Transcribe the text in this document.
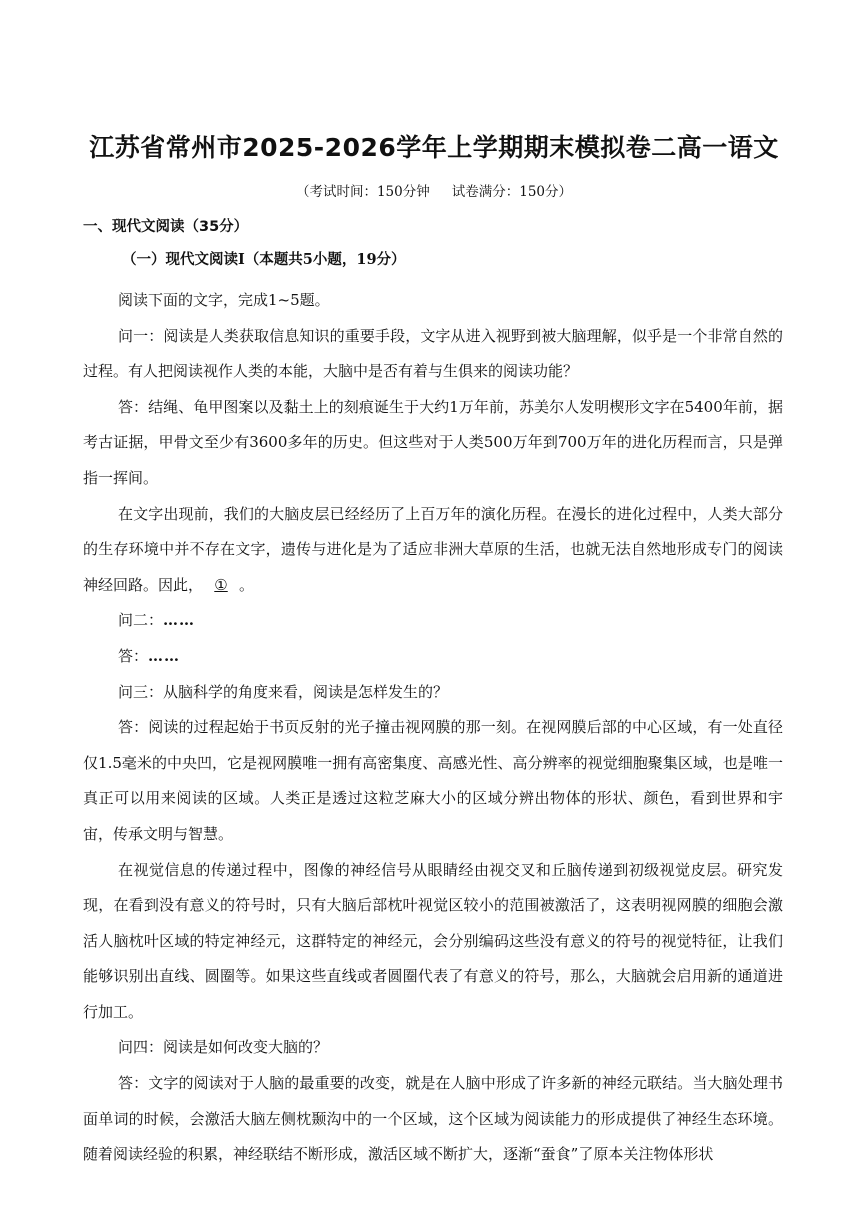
江苏省常州市2025-2026学年上学期期末模拟卷二高一语文
（考试时间：150分钟 试卷满分：150分）
一、现代文阅读（35分）
（一）现代文阅读I（本题共5小题，19分）

阅读下面的文字，完成1~5题。

问一：阅读是人类获取信息知识的重要手段，文字从进入视野到被大脑理解，似乎是一个非常自然的过程。有人把阅读视作人类的本能，大脑中是否有着与生俱来的阅读功能？

答：结绳、龟甲图案以及黏土上的刻痕诞生于大约1万年前，苏美尔人发明楔形文字在5400年前，据考古证据，甲骨文至少有3600多年的历史。但这些对于人类500万年到700万年的进化历程而言，只是弹指一挥间。

在文字出现前，我们的大脑皮层已经经历了上百万年的演化历程。在漫长的进化过程中，人类大部分的生存环境中并不存在文字，遗传与进化是为了适应非洲大草原的生活，也就无法自然地形成专门的阅读神经回路。因此， ① 。

问二：……

答：……

问三：从脑科学的角度来看，阅读是怎样发生的？

答：阅读的过程起始于书页反射的光子撞击视网膜的那一刻。在视网膜后部的中心区域，有一处直径仅1.5毫米的中央凹，它是视网膜唯一拥有高密集度、高感光性、高分辨率的视觉细胞聚集区域，也是唯一真正可以用来阅读的区域。人类正是透过这粒芝麻大小的区域分辨出物体的形状、颜色，看到世界和宇宙，传承文明与智慧。

在视觉信息的传递过程中，图像的神经信号从眼睛经由视交叉和丘脑传递到初级视觉皮层。研究发现，在看到没有意义的符号时，只有大脑后部枕叶视觉区较小的范围被激活了，这表明视网膜的细胞会激活人脑枕叶区域的特定神经元，这群特定的神经元，会分别编码这些没有意义的符号的视觉特征，让我们能够识别出直线、圆圈等。如果这些直线或者圆圈代表了有意义的符号，那么，大脑就会启用新的通道进行加工。

问四：阅读是如何改变大脑的？

答：文字的阅读对于人脑的最重要的改变，就是在人脑中形成了许多新的神经元联结。当大脑处理书面单词的时候，会激活大脑左侧枕颞沟中的一个区域，这个区域为阅读能力的形成提供了神经生态环境。随着阅读经验的积累，神经联结不断形成，激活区域不断扩大，逐渐“蚕食”了原本关注物体形状
